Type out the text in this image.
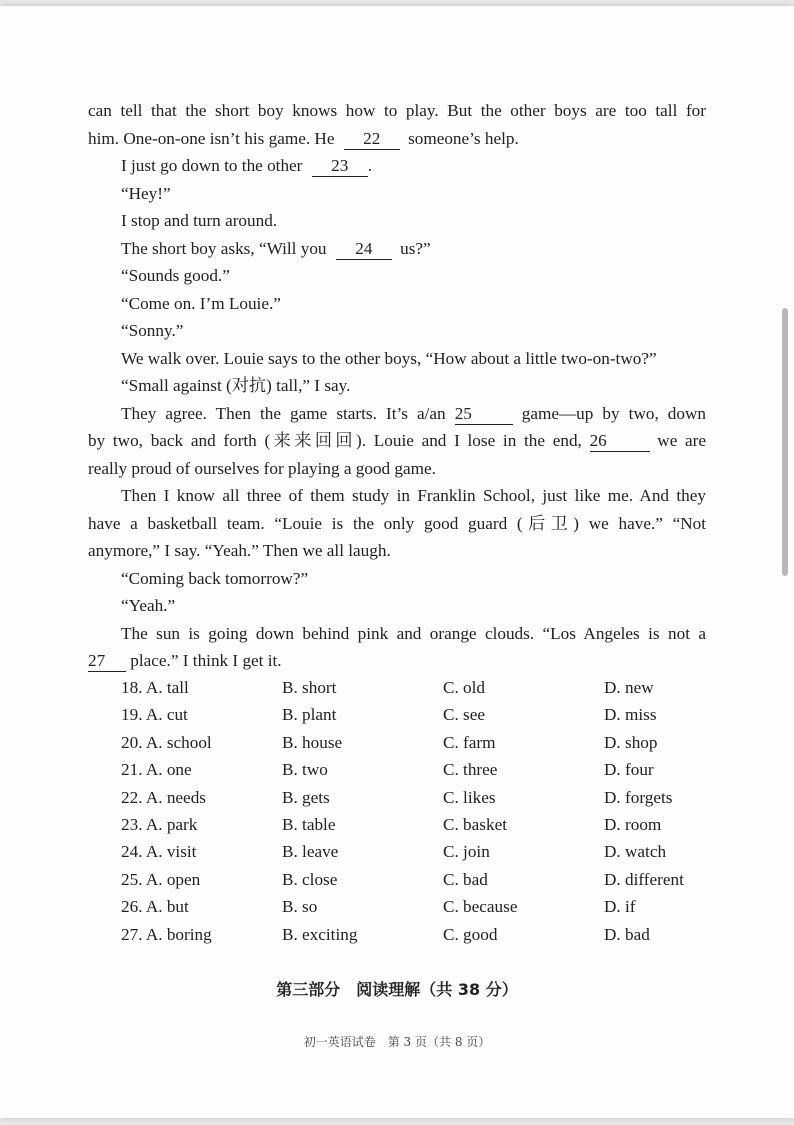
can tell that the short boy knows how to play. But the other boys are too tall for
him. One-on-one isn’t his game. He 22 someone’s help.
I just go down to the other 23 .
“Hey!”
I stop and turn around.
The short boy asks, “Will you 24 us?”
“Sounds good.”
“Come on. I’m Louie.”
“Sonny.”
We walk over. Louie says to the other boys, “How about a little two-on-two?”
“Small against (对抗) tall,” I say.
They agree. Then the game starts. It’s a/an 25	game—up by two, down
by two, back and forth (来来回回). Louie and I lose in the end, 26	we are
really proud of ourselves for playing a good game.
Then I know all three of them study in Franklin School, just like me. And they
have a basketball team. “Louie is the only good guard (后卫) we have.” “Not
anymore,” I say. “Yeah.” Then we all laugh.
“Coming back tomorrow?”
“Yeah.”
The sun is going down behind pink and orange clouds. “Los Angeles is not a
27 place.” I think I get it.
18. A. tall	B. short	C. old	D. new
19. A. cut	B. plant	C. see	D. miss
20. A. school	B. house	C. farm	D. shop
21. A. one	B. two	C. three	D. four
22. A. needs	B. gets	C. likes	D. forgets
23. A. park	B. table	C. basket	D. room
24. A. visit	B. leave	C. join	D. watch
25. A. open	B. close	C. bad	D. different
26. A. but	B. so	C. because	D. if
27. A. boring	B. exciting	C. good	D. bad
第三部分　阅读理解（共 38 分）
初一英语试卷　第 3 页（共 8 页）
